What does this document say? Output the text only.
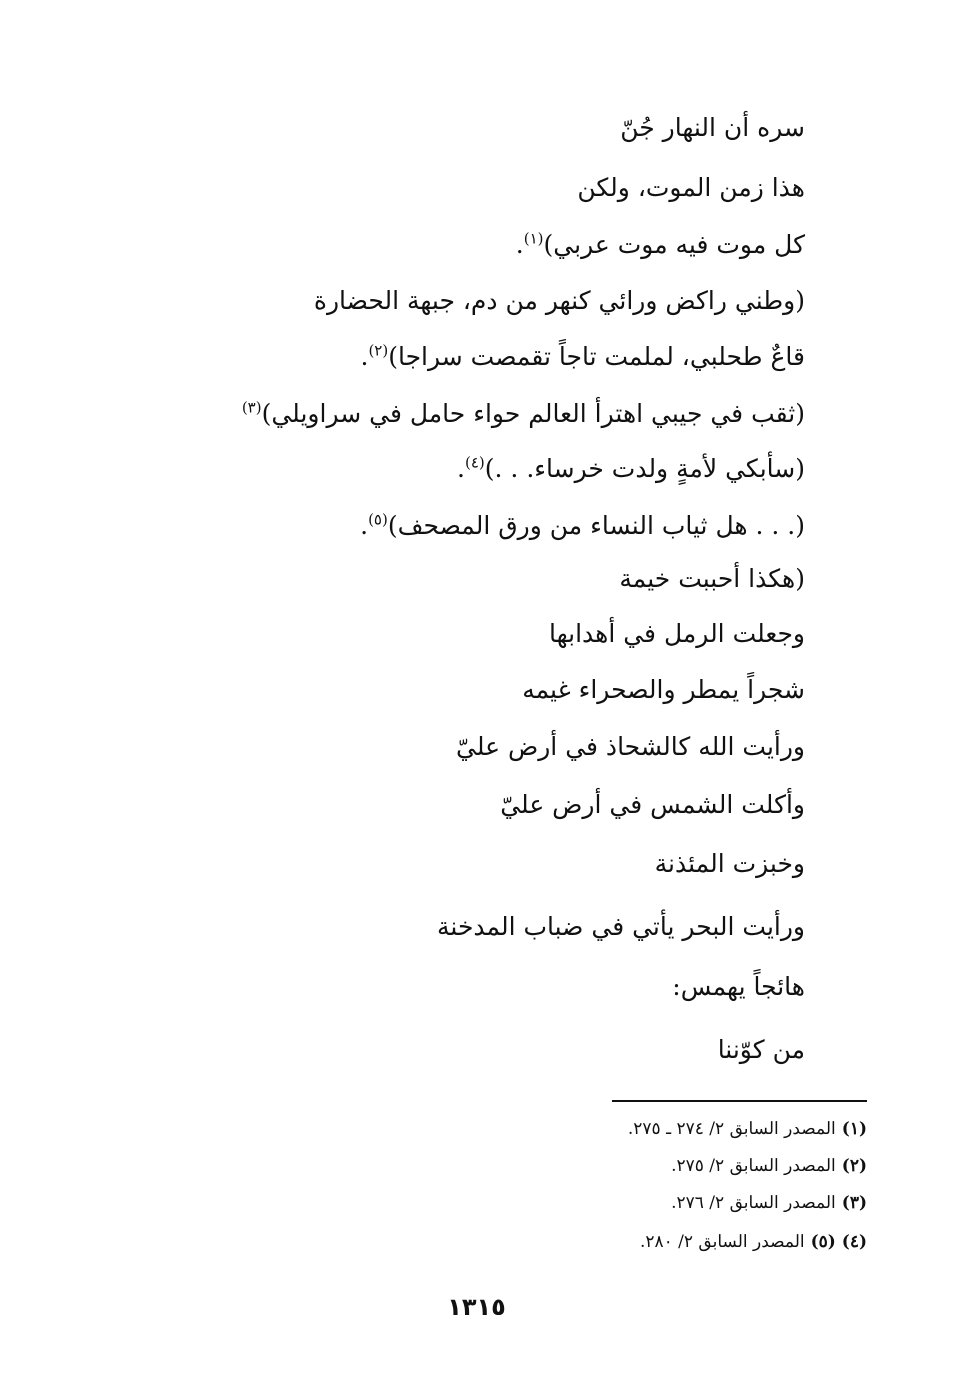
سره أن النهار جُنّ
هذا زمن الموت، ولكن
كل موت فيه موت عربي)$^{(١)}$.
(وطني راكض ورائي كنهر من دم، جبهة الحضارة
قاعٌ طحلبي، لملمت تاجاً تقمصت سراجا)$^{(٢)}$.
(ثقب في جيبي اهترأ العالم حواء حامل في سراويلي)$^{(٣)}$
(سأبكي لأمةٍ ولدت خرساء. . .)$^{(٤)}$.
(. . . هل ثياب النساء من ورق المصحف)$^{(٥)}$.
(هكذا أحببت خيمة
وجعلت الرمل في أهدابها
شجراً يمطر والصحراء غيمه
ورأيت الله كالشحاذ في أرض عليّ
وأكلت الشمس في أرض عليّ
وخبزت المئذنة
ورأيت البحر يأتي في ضباب المدخنة
هائجاً يهمس:
من كوّننا
(١)المصدر السابق ٢/ ٢٧٤ ـ ٢٧٥.
(٢)المصدر السابق ٢/ ٢٧٥.
(٣)المصدر السابق ٢/ ٢٧٦.
(٤) (٥)المصدر السابق ٢/ ٢٨٠.
١٣١٥
